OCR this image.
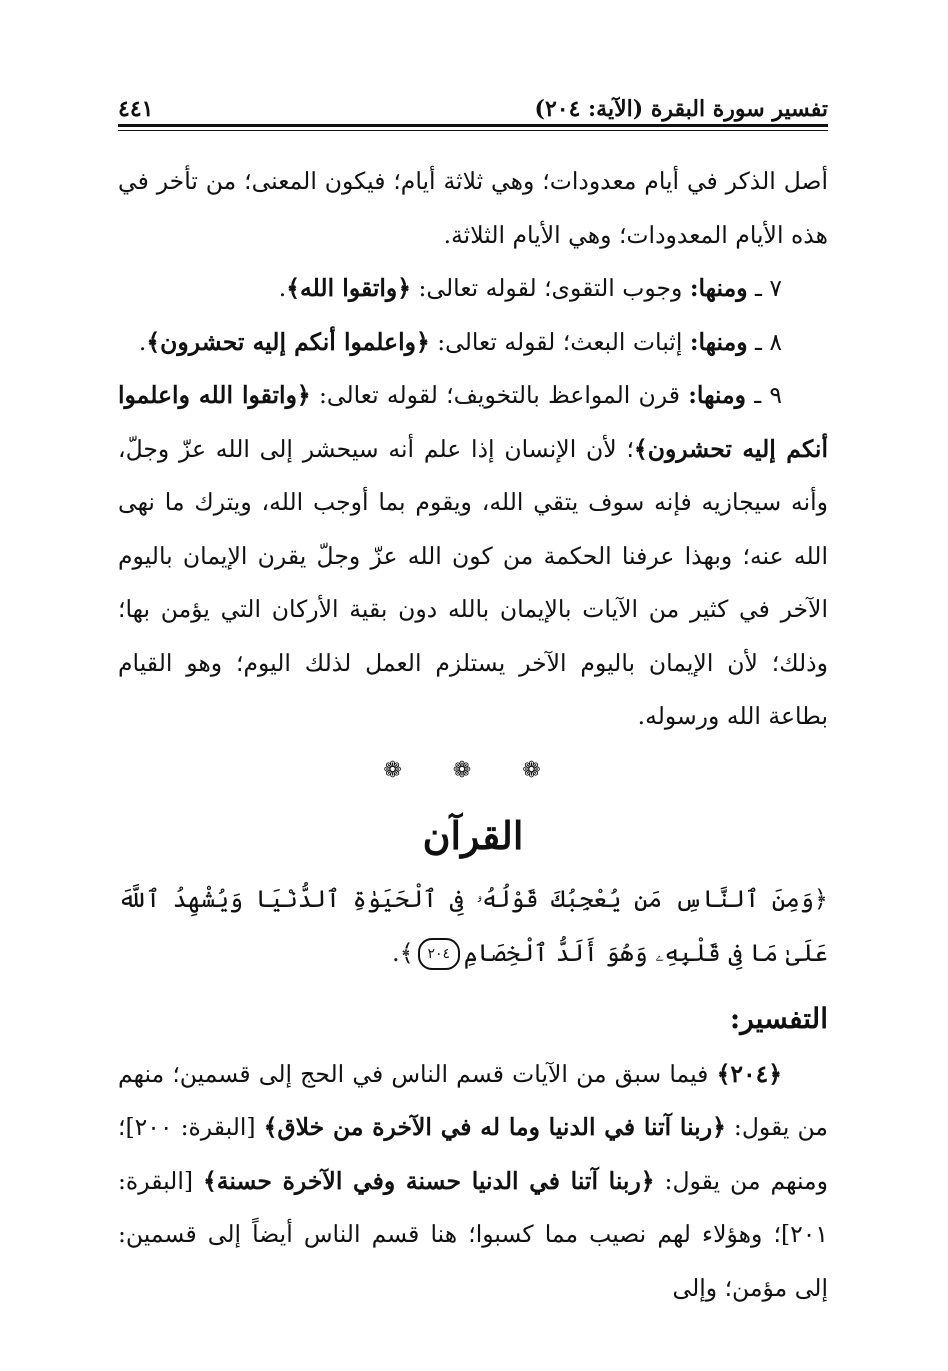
تفسير سورة البقرة (الآية: ٢٠٤)
٤٤١

أصل الذكر في أيام معدودات؛ وهي ثلاثة أيام؛ فيكون المعنى؛ من تأخر في هذه الأيام المعدودات؛ وهي الأيام الثلاثة.

٧ ـ ومنها: وجوب التقوى؛ لقوله تعالى: ﴿واتقوا الله﴾.

٨ ـ ومنها: إثبات البعث؛ لقوله تعالى: ﴿واعلموا أنكم إليه تحشرون﴾.

٩ ـ ومنها: قرن المواعظ بالتخويف؛ لقوله تعالى: ﴿واتقوا الله واعلموا أنكم إليه تحشرون﴾؛ لأن الإنسان إذا علم أنه سيحشر إلى الله عزّ وجلّ، وأنه سيجازيه فإنه سوف يتقي الله، ويقوم بما أوجب الله، ويترك ما نهى الله عنه؛ وبهذا عرفنا الحكمة من كون الله عزّ وجلّ يقرن الإيمان باليوم الآخر في كثير من الآيات بالإيمان بالله دون بقية الأركان التي يؤمن بها؛ وذلك؛ لأن الإيمان باليوم الآخر يستلزم العمل لذلك اليوم؛ وهو القيام بطاعة الله ورسوله.

❁ ❁ ❁
القرآن

﴿وَمِنَ ٱلنَّاسِ مَن يُعْجِبُكَ قَوْلُهُۥ فِى ٱلْحَيَوٰةِ ٱلدُّنْيَا وَيُشْهِدُ ٱللَّهَ عَلَىٰ مَا فِى قَلْبِهِۦ وَهُوَ أَلَدُّ ٱلْخِصَامِ٢٠٤﴾.

التفسير:

﴿٢٠٤﴾ فيما سبق من الآيات قسم الناس في الحج إلى قسمين؛ منهم من يقول: ﴿ربنا آتنا في الدنيا وما له في الآخرة من خلاق﴾ [البقرة: ٢٠٠]؛ ومنهم من يقول: ﴿ربنا آتنا في الدنيا حسنة وفي الآخرة حسنة﴾ [البقرة: ٢٠١]؛ وهؤلاء لهم نصيب مما كسبوا؛ هنا قسم الناس أيضاً إلى قسمين: إلى مؤمن؛ وإلى
